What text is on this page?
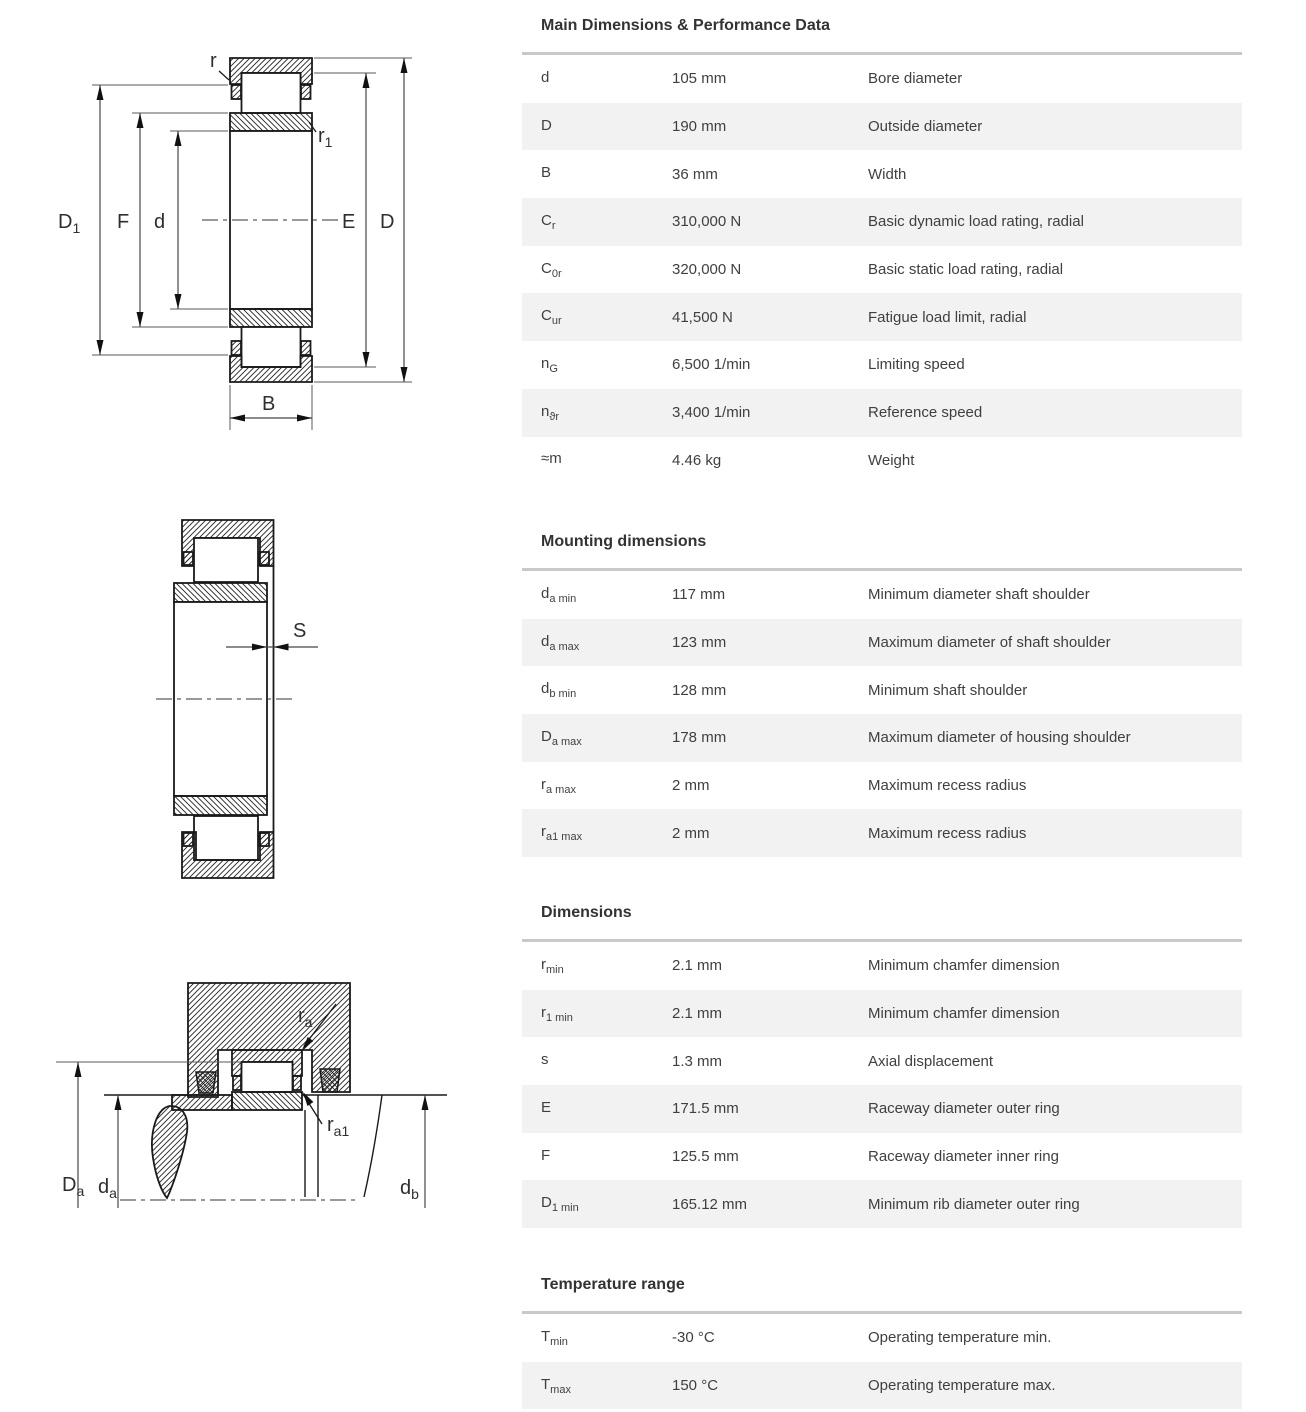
$D_1$ F d	E D
B
r
$r_1$
S
$r_a$
$r_{a1}$
$D_a$ $d_a$	$d_b$
Main Dimensions & Performance Data
d	105 mm	Bore diameter
D	190 mm	Outside diameter
B	36 mm	Width
$C_r$	310,000 N	Basic dynamic load rating, radial
$C_{0r}$	320,000 N	Basic static load rating, radial
$C_{ur}$	41,500 N	Fatigue load limit, radial
$n_G$	6,500 1/min	Limiting speed
$n_{ϑr}$	3,400 1/min	Reference speed
≈m	4.46 kg	Weight
Mounting dimensions
$d_{a min}$	117 mm	Minimum diameter shaft shoulder
$d_{a max}$	123 mm	Maximum diameter of shaft shoulder
$d_{b min}$	128 mm	Minimum shaft shoulder
$D_{a max}$	178 mm	Maximum diameter of housing shoulder
$r_{a max}$	2 mm	Maximum recess radius
$r_{a1 max}$	2 mm	Maximum recess radius
Dimensions
$r_{min}$	2.1 mm	Minimum chamfer dimension
$r_{1 min}$	2.1 mm	Minimum chamfer dimension
s	1.3 mm	Axial displacement
E	171.5 mm	Raceway diameter outer ring
F	125.5 mm	Raceway diameter inner ring
$D_{1 min}$	165.12 mm	Minimum rib diameter outer ring
Temperature range
$T_{min}$	-30 °C	Operating temperature min.
$T_{max}$	150 °C	Operating temperature max.
